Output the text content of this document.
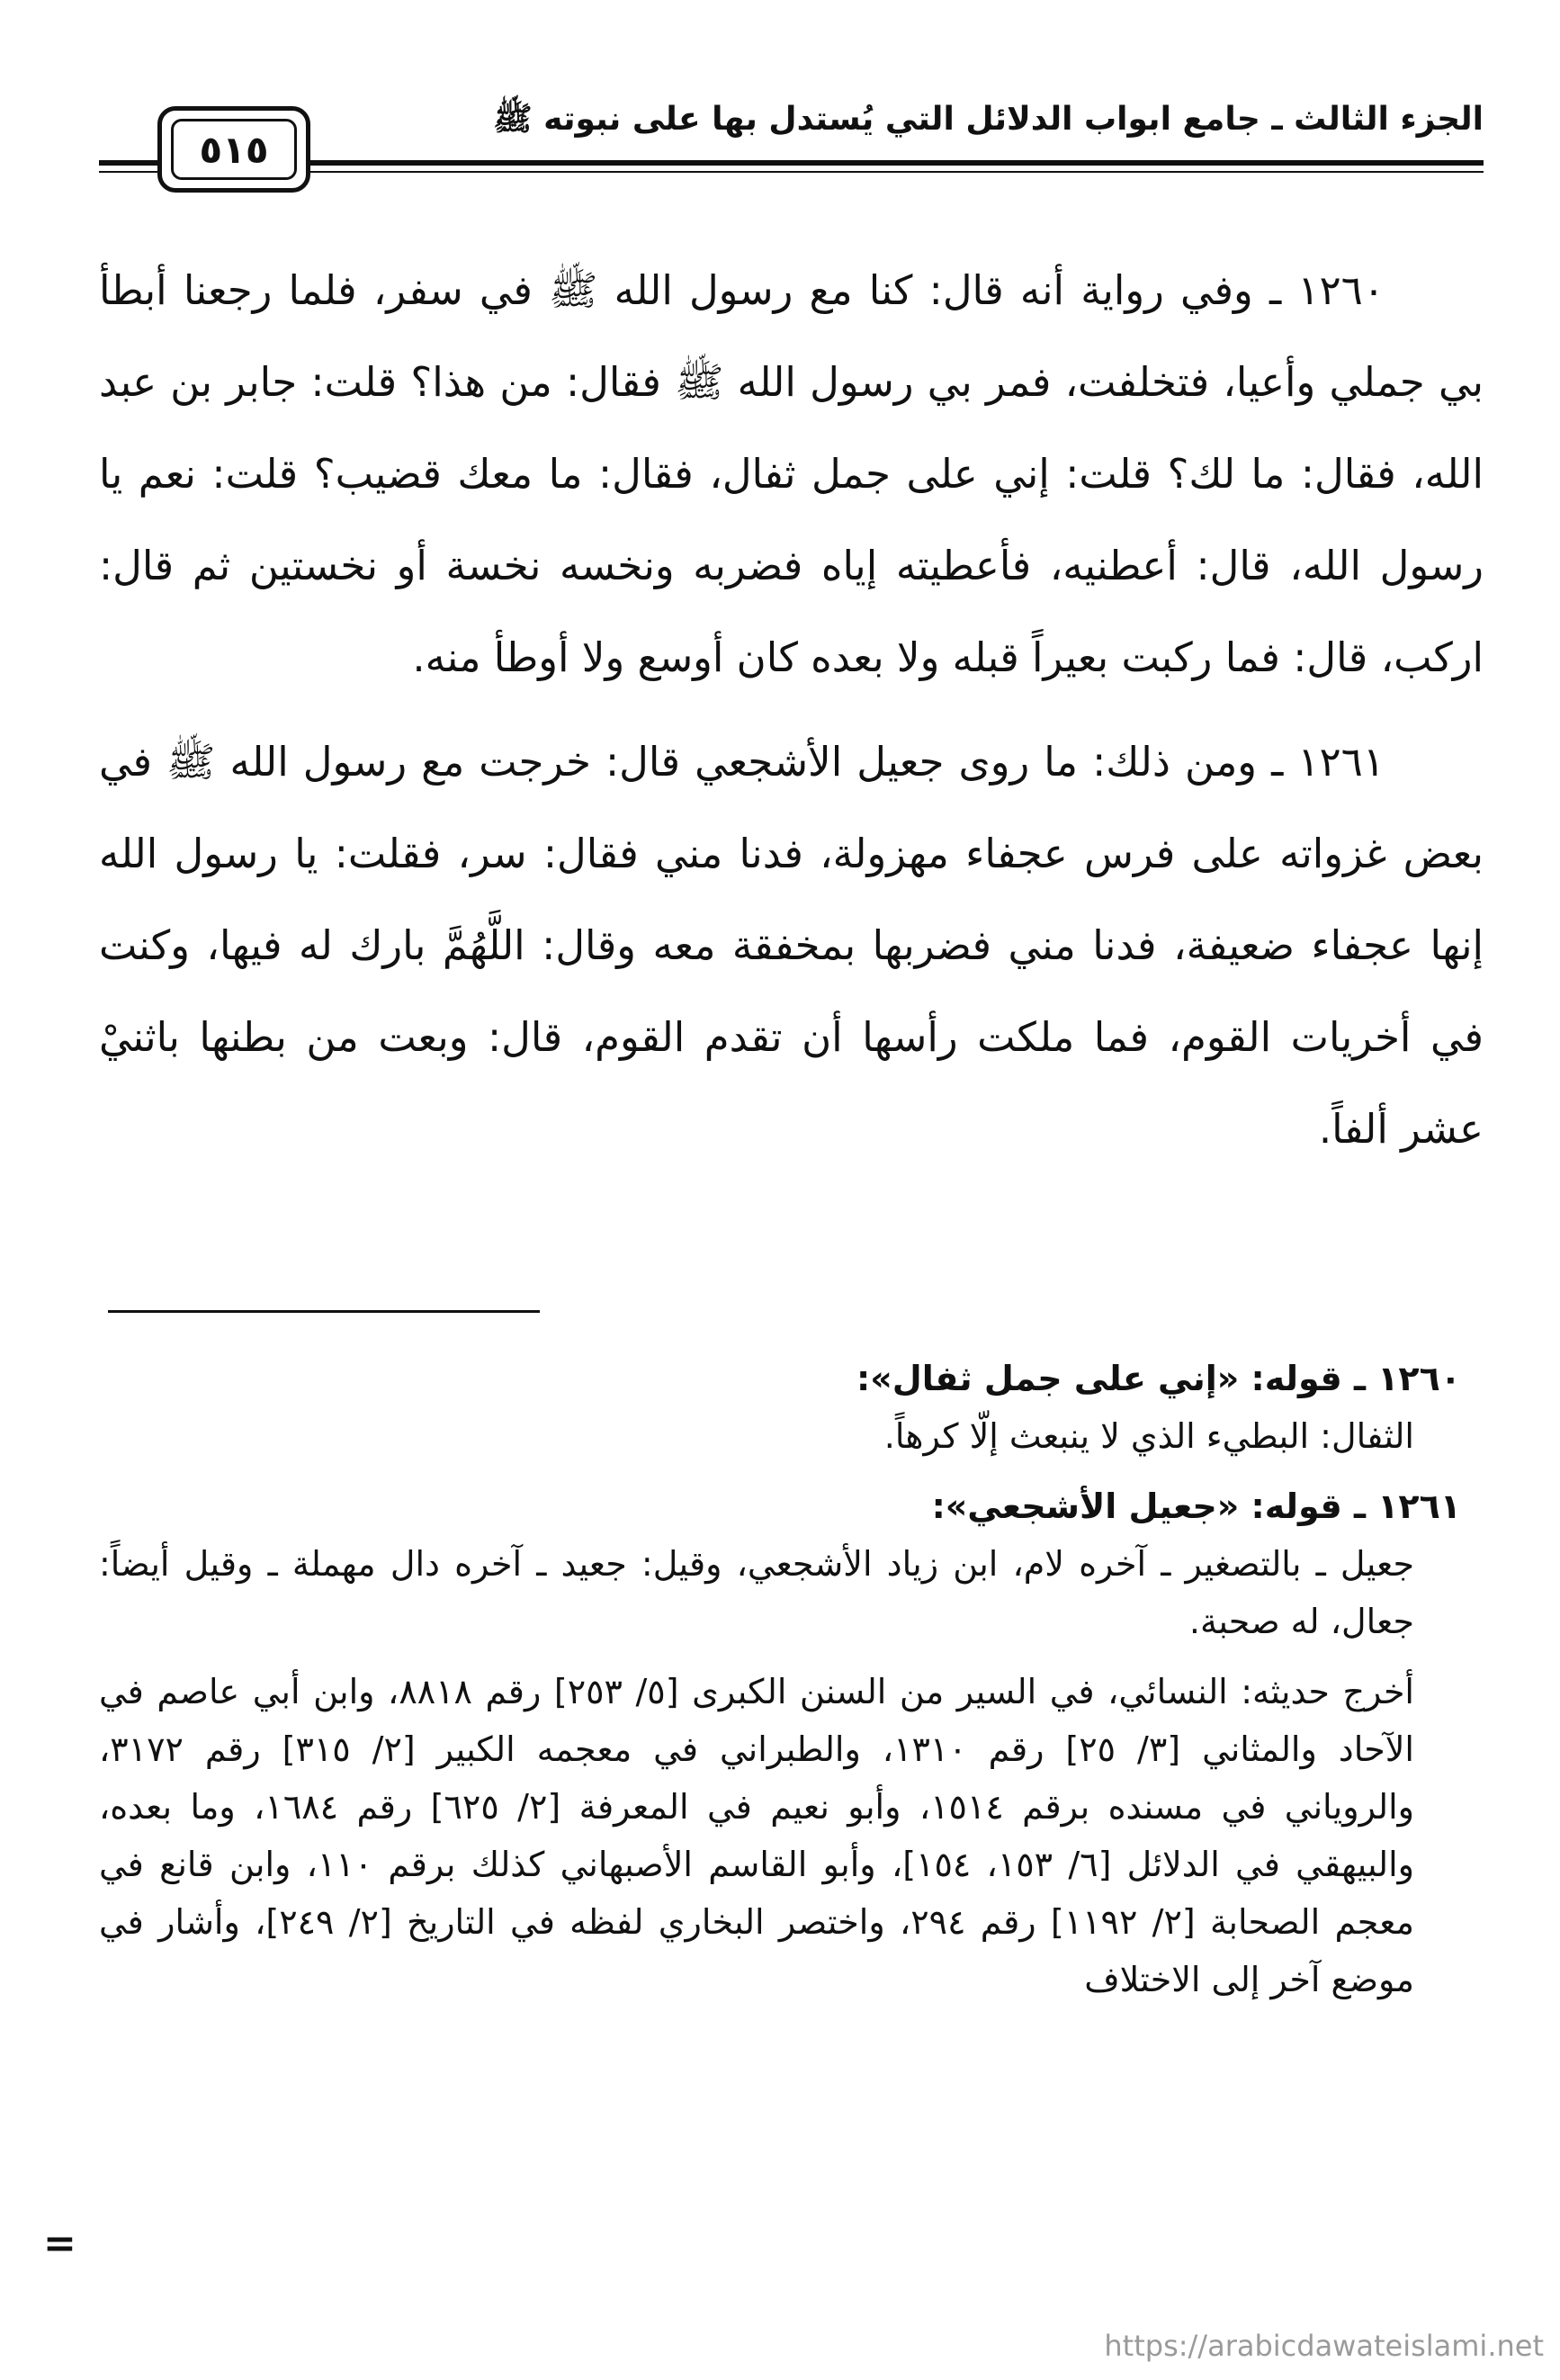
الجزء الثالث ـ جامع ابواب الدلائل التي يُستدل بها على نبوته ﷺ
٥١٥

١٢٦٠ ـ وفي رواية أنه قال: كنا مع رسول الله ﷺ في سفر، فلما رجعنا أبطأ بي جملي وأعيا، فتخلفت، فمر بي رسول الله ﷺ فقال: من هذا؟ قلت: جابر بن عبد الله، فقال: ما لك؟ قلت: إني على جمل ثفال، فقال: ما معك قضيب؟ قلت: نعم يا رسول الله، قال: أعطنيه، فأعطيته إياه فضربه ونخسه نخسة أو نخستين ثم قال: اركب، قال: فما ركبت بعيراً قبله ولا بعده كان أوسع ولا أوطأ منه.

١٢٦١ ـ ومن ذلك: ما روى جعيل الأشجعي قال: خرجت مع رسول الله ﷺ في بعض غزواته على فرس عجفاء مهزولة، فدنا مني فقال: سر، فقلت: يا رسول الله إنها عجفاء ضعيفة، فدنا مني فضربها بمخفقة معه وقال: اللَّهُمَّ بارك له فيها، وكنت في أخريات القوم، فما ملكت رأسها أن تقدم القوم، قال: وبعت من بطنها باثنيْ عشر ألفاً.

١٢٦٠ ـ قوله: «إني على جمل ثفال»:

الثفال: البطيء الذي لا ينبعث إلّا كرهاً.

١٢٦١ ـ قوله: «جعيل الأشجعي»:

جعيل ـ بالتصغير ـ آخره لام، ابن زياد الأشجعي، وقيل: جعيد ـ آخره دال مهملة ـ وقيل أيضاً: جعال، له صحبة.

أخرج حديثه: النسائي، في السير من السنن الكبرى [٥/ ٢٥٣] رقم ٨٨١٨، وابن أبي عاصم في الآحاد والمثاني [٣/ ٢٥] رقم ١٣١٠، والطبراني في معجمه الكبير [٢/ ٣١٥] رقم ٣١٧٢، والروياني في مسنده برقم ١٥١٤، وأبو نعيم في المعرفة [٢/ ٦٢٥] رقم ١٦٨٤، وما بعده، والبيهقي في الدلائل [٦/ ١٥٣، ١٥٤]، وأبو القاسم الأصبهاني كذلك برقم ١١٠، وابن قانع في معجم الصحابة [٢/ ١١٩٢] رقم ٢٩٤، واختصر البخاري لفظه في التاريخ [٢/ ٢٤٩]، وأشار في موضع آخر إلى الاختلاف

=
https://arabicdawateislami.net
